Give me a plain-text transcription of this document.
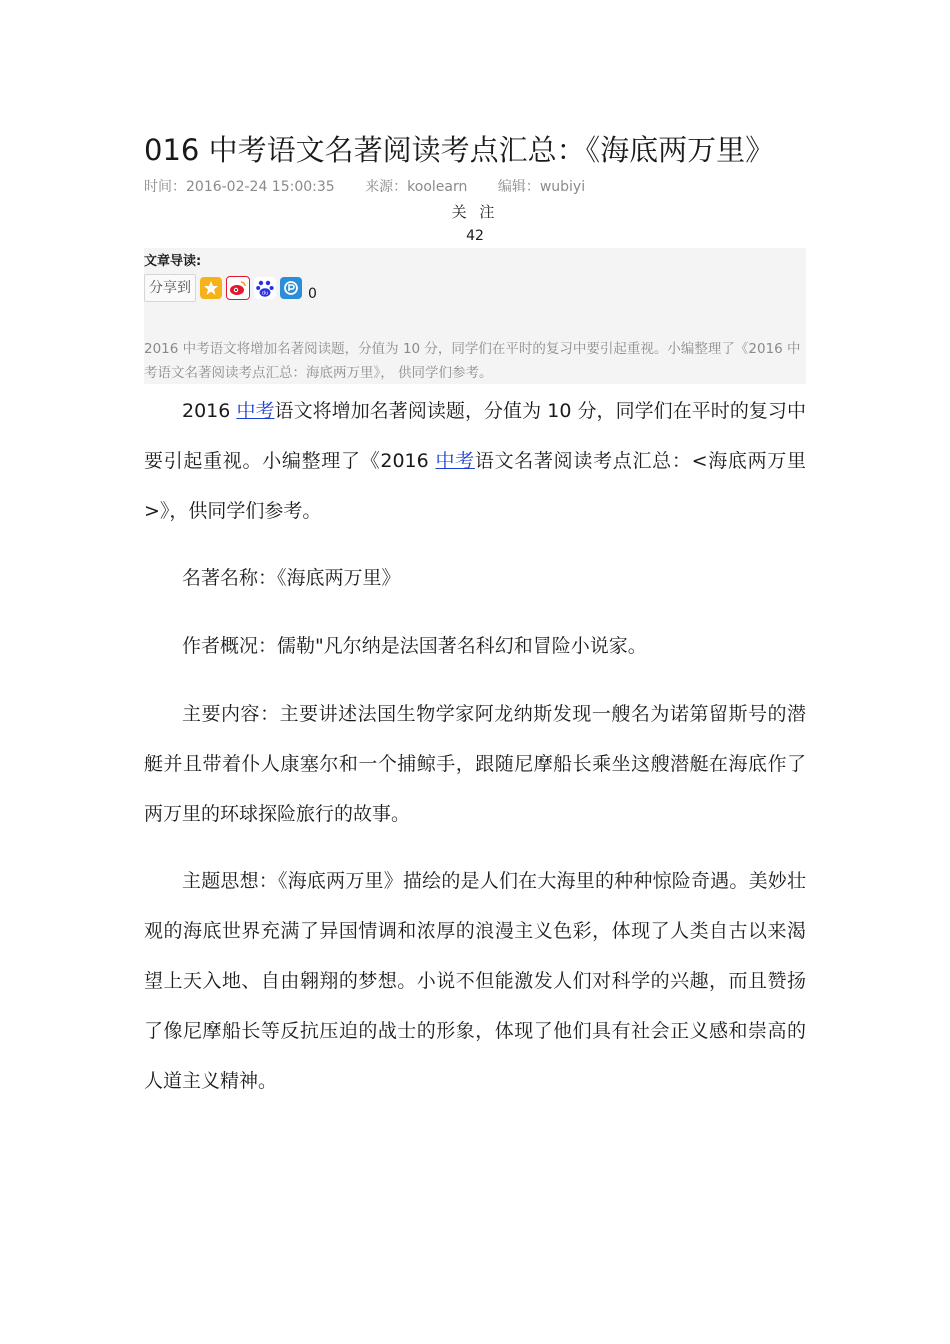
016 中考语文名著阅读考点汇总：《海底两万里》
时间：2016-02-24 15:00:35 来源：koolearn 编辑：wubiyi
关 注
42
文章导读:
分享到	du	0
2016 中考语文将增加名著阅读题，分值为 10 分，同学们在平时的复习中要引起重视。小编整理了《2016 中考语文名著阅读考点汇总：海底两万里》， 供同学们参考。

2016 中考语文将增加名著阅读题，分值为 10 分，同学们在平时的复习中要引起重视。小编整理了《2016 中考语文名著阅读考点汇总：<海底两万里>》，供同学们参考。

名著名称：《海底两万里》

作者概况：儒勒"凡尔纳是法国著名科幻和冒险小说家。

主要内容：主要讲述法国生物学家阿龙纳斯发现一艘名为诺第留斯号的潜艇并且带着仆人康塞尔和一个捕鲸手，跟随尼摩船长乘坐这艘潜艇在海底作了两万里的环球探险旅行的故事。

主题思想：《海底两万里》描绘的是人们在大海里的种种惊险奇遇。美妙壮观的海底世界充满了异国情调和浓厚的浪漫主义色彩，体现了人类自古以来渴望上天入地、自由翱翔的梦想。小说不但能激发人们对科学的兴趣，而且赞扬了像尼摩船长等反抗压迫的战士的形象，体现了他们具有社会正义感和崇高的人道主义精神。
